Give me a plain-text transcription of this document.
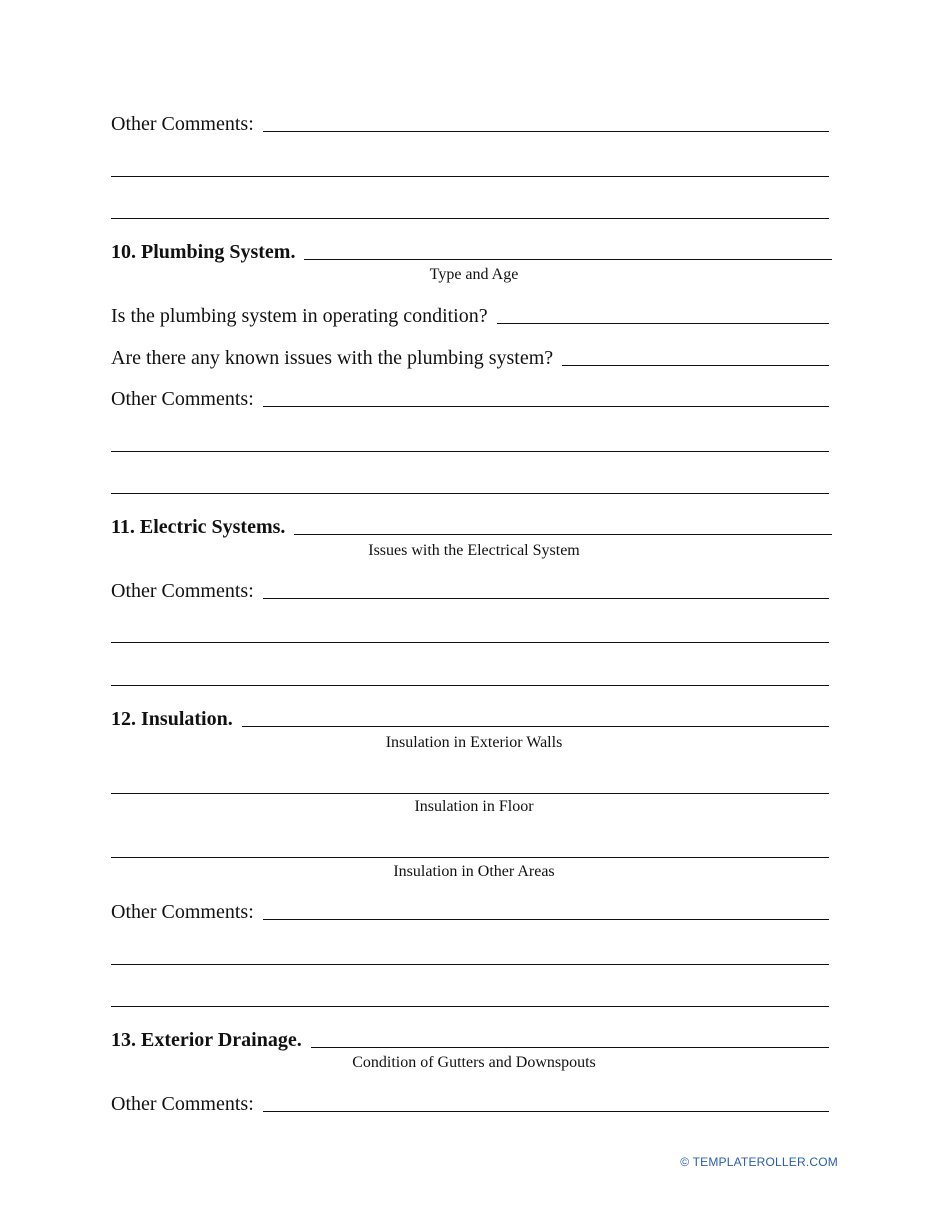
Other Comments:
10. Plumbing System.
Type and Age
Is the plumbing system in operating condition?
Are there any known issues with the plumbing system?
Other Comments:
11. Electric Systems.
Issues with the Electrical System
Other Comments:
12. Insulation.
Insulation in Exterior Walls
Insulation in Floor
Insulation in Other Areas
Other Comments:
13. Exterior Drainage.
Condition of Gutters and Downspouts
Other Comments:
© TEMPLATEROLLER.COM
